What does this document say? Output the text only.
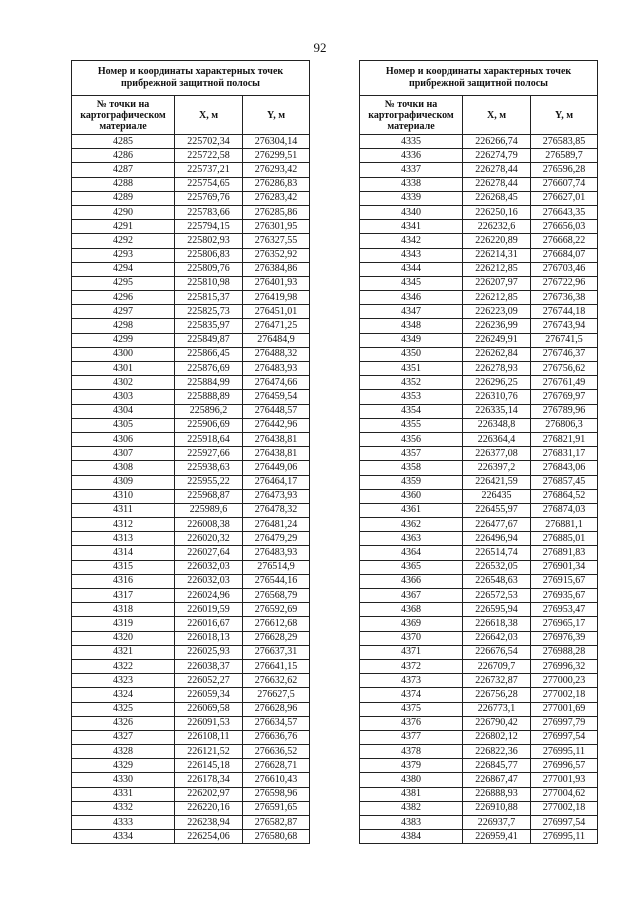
92
Номер и координаты характерных точек прибрежной защитной полосы		
№ точки на картографическом материале	X, м	Y, м
4285	225702,34	276304,14
4286	225722,58	276299,51
4287	225737,21	276293,42
4288	225754,65	276286,83
4289	225769,76	276283,42
4290	225783,66	276285,86
4291	225794,15	276301,95
4292	225802,93	276327,55
4293	225806,83	276352,92
4294	225809,76	276384,86
4295	225810,98	276401,93
4296	225815,37	276419,98
4297	225825,73	276451,01
4298	225835,97	276471,25
4299	225849,87	276484,9
4300	225866,45	276488,32
4301	225876,69	276483,93
4302	225884,99	276474,66
4303	225888,89	276459,54
4304	225896,2	276448,57
4305	225906,69	276442,96
4306	225918,64	276438,81
4307	225927,66	276438,81
4308	225938,63	276449,06
4309	225955,22	276464,17
4310	225968,87	276473,93
4311	225989,6	276478,32
4312	226008,38	276481,24
4313	226020,32	276479,29
4314	226027,64	276483,93
4315	226032,03	276514,9
4316	226032,03	276544,16
4317	226024,96	276568,79
4318	226019,59	276592,69
4319	226016,67	276612,68
4320	226018,13	276628,29
4321	226025,93	276637,31
4322	226038,37	276641,15
4323	226052,27	276632,62
4324	226059,34	276627,5
4325	226069,58	276628,96
4326	226091,53	276634,57
4327	226108,11	276636,76
4328	226121,52	276636,52
4329	226145,18	276628,71
4330	226178,34	276610,43
4331	226202,97	276598,96
4332	226220,16	276591,65
4333	226238,94	276582,87
4334	226254,06	276580,68
Номер и координаты характерных точек прибрежной защитной полосы		
№ точки на картографическом материале	X, м	Y, м
4335	226266,74	276583,85
4336	226274,79	276589,7
4337	226278,44	276596,28
4338	226278,44	276607,74
4339	226268,45	276627,01
4340	226250,16	276643,35
4341	226232,6	276656,03
4342	226220,89	276668,22
4343	226214,31	276684,07
4344	226212,85	276703,46
4345	226207,97	276722,96
4346	226212,85	276736,38
4347	226223,09	276744,18
4348	226236,99	276743,94
4349	226249,91	276741,5
4350	226262,84	276746,37
4351	226278,93	276756,62
4352	226296,25	276761,49
4353	226310,76	276769,97
4354	226335,14	276789,96
4355	226348,8	276806,3
4356	226364,4	276821,91
4357	226377,08	276831,17
4358	226397,2	276843,06
4359	226421,59	276857,45
4360	226435	276864,52
4361	226455,97	276874,03
4362	226477,67	276881,1
4363	226496,94	276885,01
4364	226514,74	276891,83
4365	226532,05	276901,34
4366	226548,63	276915,67
4367	226572,53	276935,67
4368	226595,94	276953,47
4369	226618,38	276965,17
4370	226642,03	276976,39
4371	226676,54	276988,28
4372	226709,7	276996,32
4373	226732,87	277000,23
4374	226756,28	277002,18
4375	226773,1	277001,69
4376	226790,42	276997,79
4377	226802,12	276997,54
4378	226822,36	276995,11
4379	226845,77	276996,57
4380	226867,47	277001,93
4381	226888,93	277004,62
4382	226910,88	277002,18
4383	226937,7	276997,54
4384	226959,41	276995,11
